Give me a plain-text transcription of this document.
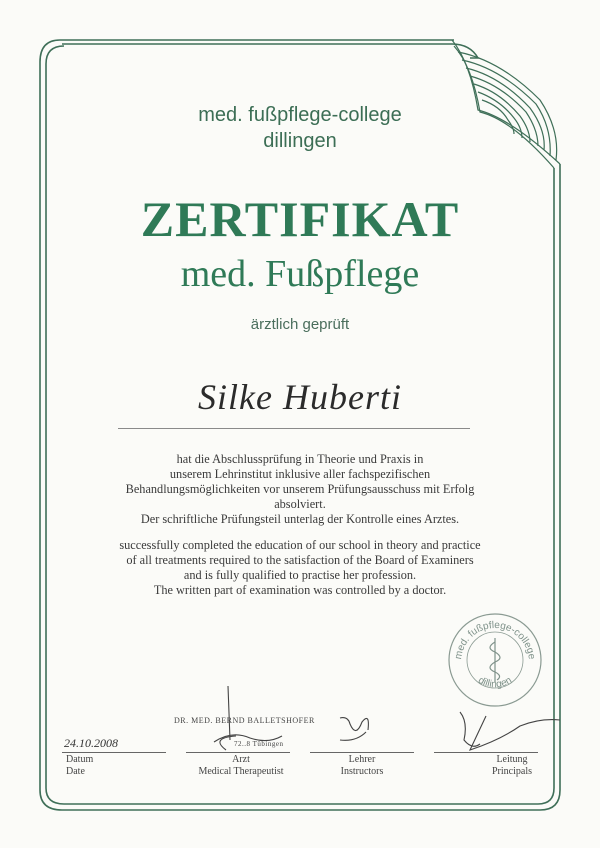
med. fußpflege-college
dillingen
ZERTIFIKAT
med. Fußpflege
ärztlich geprüft
Silke Huberti
hat die Abschlussprüfung in Theorie und Praxis in
unserem Lehrinstitut inklusive aller fachspezifischen
Behandlungsmöglichkeiten vor unserem Prüfungsausschuss mit Erfolg
absolviert.
Der schriftliche Prüfungsteil unterlag der Kontrolle eines Arztes.
successfully completed the education of our school in theory and practice
of all treatments required to the satisfaction of the Board of Examiners
and is fully qualified to practise her profession.
The written part of examination was controlled by a doctor.
med. fußpflege-college
dillingen
DR. MED. BERND BALLETSHOFER
72..8 Tübingen
24.10.2008
Datum
Date
Arzt
Medical Therapeutist
Lehrer
Instructors
Leitung
Principals
